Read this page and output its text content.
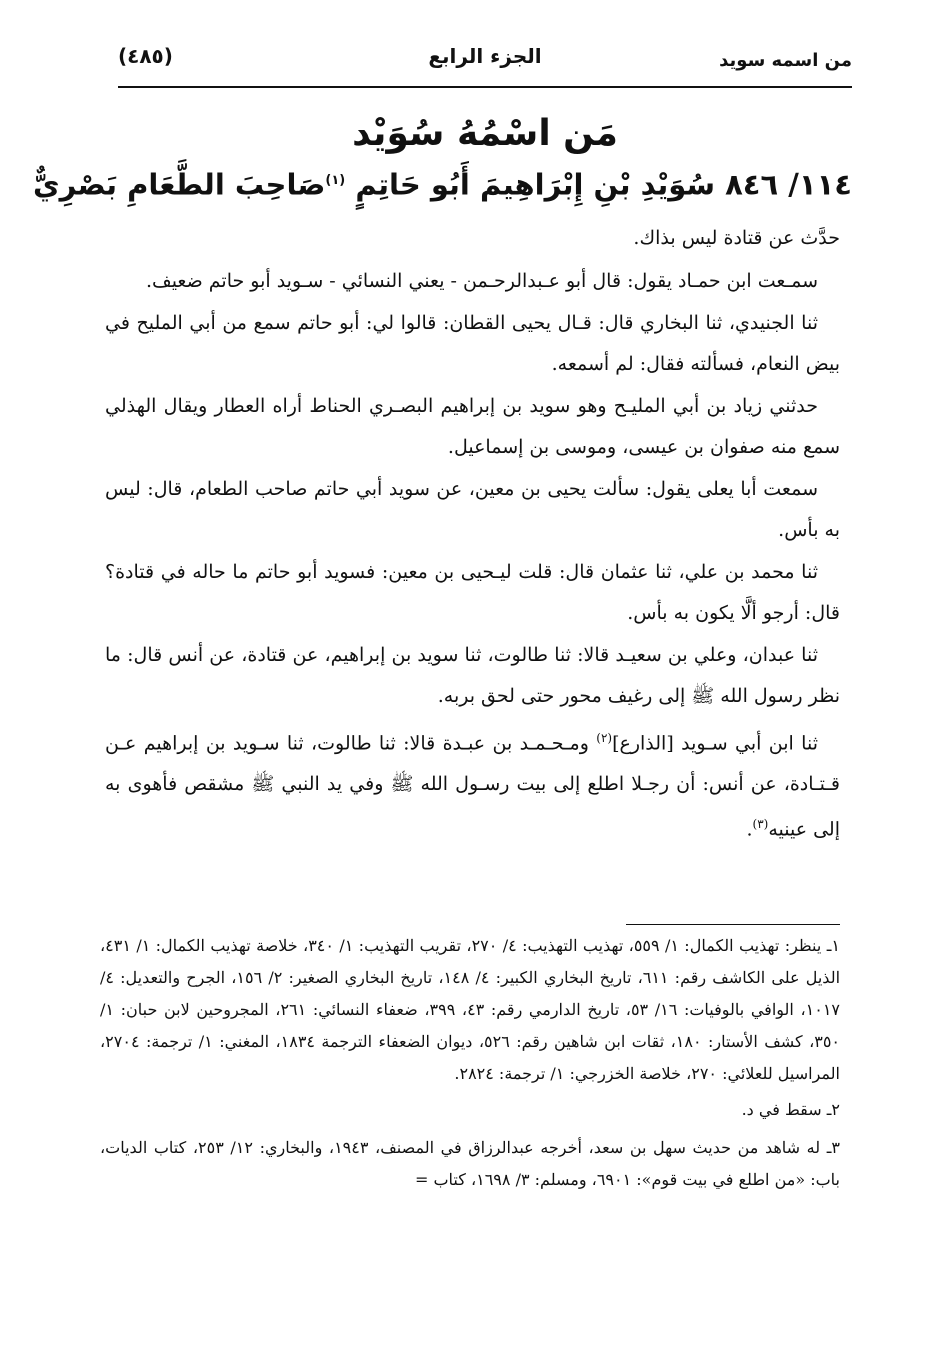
من اسمه سويد
الجزء الرابع
(٤٨٥)
مَن اسْمُهُ سُوَيْد
١١٤/ ٨٤٦ سُوَيْدِ بْنِ إِبْرَاهِيمَ أَبُو حَاتِمٍ $^{(١)}$صَاحِبَ الطَّعَامِ بَصْرِيٌّ

حدَّث عن قتادة ليس بذاك.

سمـعت ابن حمـاد يقول: قال أبو عـبدالرحـمن - يعني النسائي - سـويد أبو حاتم ضعيف.

ثنا الجنيدي، ثنا البخاري قال: قـال يحيى القطان: قالوا لي: أبو حاتم سمع من أبي المليح في بيض النعام، فسألته فقال: لم أسمعه.

حدثني زياد بن أبي المليـح وهو سويد بن إبراهيم البصـري الحناط أراه العطار ويقال الهذلي سمع منه صفوان بن عيسى، وموسى بن إسماعيل.

سمعت أبا يعلى يقول: سألت يحيى بن معين، عن سويد أبي حاتم صاحب الطعام، قال: ليس به بأس.

ثنا محمد بن علي، ثنا عثمان قال: قلت ليـحيى بن معين: فسويد أبو حاتم ما حاله في قتادة؟ قال: أرجو ألَّا يكون به بأس.

ثنا عبدان، وعلي بن سعيـد قالا: ثنا طالوت، ثنا سويد بن إبراهيم، عن قتادة، عن أنس قال: ما نظر رسول الله ﷺ إلى رغيف محور حتى لحق بربه.

ثنا ابن أبي سـويد [الذارع]$^{(٢)}$ ومـحـمـد بن عبـدة قالا: ثنا طالوت، ثنا سـويد بن إبراهيم عـن قـتـادة، عن أنس: أن رجـلا اطلع إلى بيت رسـول الله ﷺ وفي يد النبي ﷺ مشقص فأهوى به إلى عينيه$^{(٣)}$.

١ـ ينظر: تهذيب الكمال: ١/ ٥٥٩، تهذيب التهذيب: ٤/ ٢٧٠، تقريب التهذيب: ١/ ٣٤٠، خلاصة تهذيب الكمال: ١/ ٤٣١، الذيل على الكاشف رقم: ٦١١، تاريخ البخاري الكبير: ٤/ ١٤٨، تاريخ البخاري الصغير: ٢/ ١٥٦، الجرح والتعديل: ٤/ ١٠١٧، الوافي بالوفيات: ١٦/ ٥٣، تاريخ الدارمي رقم: ٤٣، ٣٩٩، ضعفاء النسائي: ٢٦١، المجروحين لابن حبان: ١/ ٣٥٠، كشف الأستار: ١٨٠، ثقات ابن شاهين رقم: ٥٢٦، ديوان الضعفاء الترجمة ١٨٣٤، المغني: ١/ ترجمة: ٢٧٠٤، المراسيل للعلائي: ٢٧٠، خلاصة الخزرجي: ١/ ترجمة: ٢٨٢٤.

٢ـ سقط في د.

٣ـ له شاهد من حديث سهل بن سعد، أخرجه عبدالرزاق في المصنف، ١٩٤٣، والبخاري: ١٢/ ٢٥٣، كتاب الديات، باب: «من اطلع في بيت قوم»: ٦٩٠١، ومسلم: ٣/ ١٦٩٨، كتاب =
